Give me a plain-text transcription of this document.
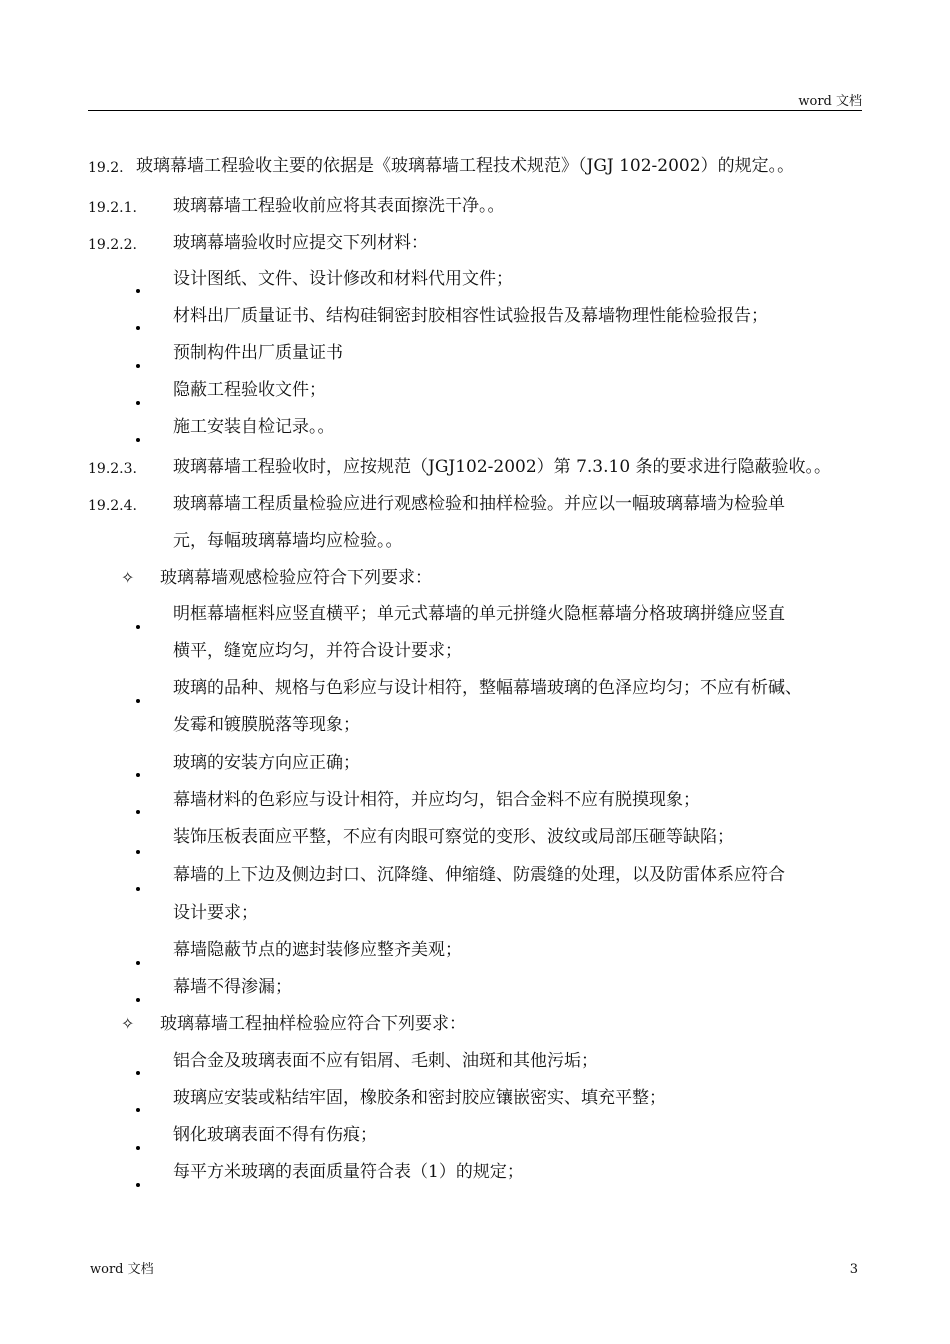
word 文档
19.2. 玻璃幕墙工程验收主要的依据是《玻璃幕墙工程技术规范》（JGJ 102-2002）的规定。。
19.2.1. 玻璃幕墙工程验收前应将其表面擦洗干净。。
19.2.2. 玻璃幕墙验收时应提交下列材料：
设计图纸、文件、设计修改和材料代用文件；
材料出厂质量证书、结构硅铜密封胶相容性试验报告及幕墙物理性能检验报告；
预制构件出厂质量证书
隐蔽工程验收文件；
施工安装自检记录。。
19.2.3. 玻璃幕墙工程验收时，应按规范（JGJ102-2002）第 7.3.10 条的要求进行隐蔽验收。。
19.2.4. 玻璃幕墙工程质量检验应进行观感检验和抽样检验。并应以一幅玻璃幕墙为检验单
元，每幅玻璃幕墙均应检验。。
✧ 玻璃幕墙观感检验应符合下列要求：
明框幕墙框料应竖直横平；单元式幕墙的单元拼缝火隐框幕墙分格玻璃拼缝应竖直
横平，缝宽应均匀，并符合设计要求；
玻璃的品种、规格与色彩应与设计相符，整幅幕墙玻璃的色泽应均匀；不应有析碱、
发霉和镀膜脱落等现象；
玻璃的安装方向应正确；
幕墙材料的色彩应与设计相符，并应均匀，铝合金料不应有脱摸现象；
装饰压板表面应平整，不应有肉眼可察觉的变形、波纹或局部压砸等缺陷；
幕墙的上下边及侧边封口、沉降缝、伸缩缝、防震缝的处理，以及防雷体系应符合
设计要求；
幕墙隐蔽节点的遮封装修应整齐美观；
幕墙不得渗漏；
✧ 玻璃幕墙工程抽样检验应符合下列要求：
铝合金及玻璃表面不应有铝屑、毛刺、油斑和其他污垢；
玻璃应安装或粘结牢固，橡胶条和密封胶应镶嵌密实、填充平整；
钢化玻璃表面不得有伤痕；
每平方米玻璃的表面质量符合表（1）的规定；
word 文档	3
